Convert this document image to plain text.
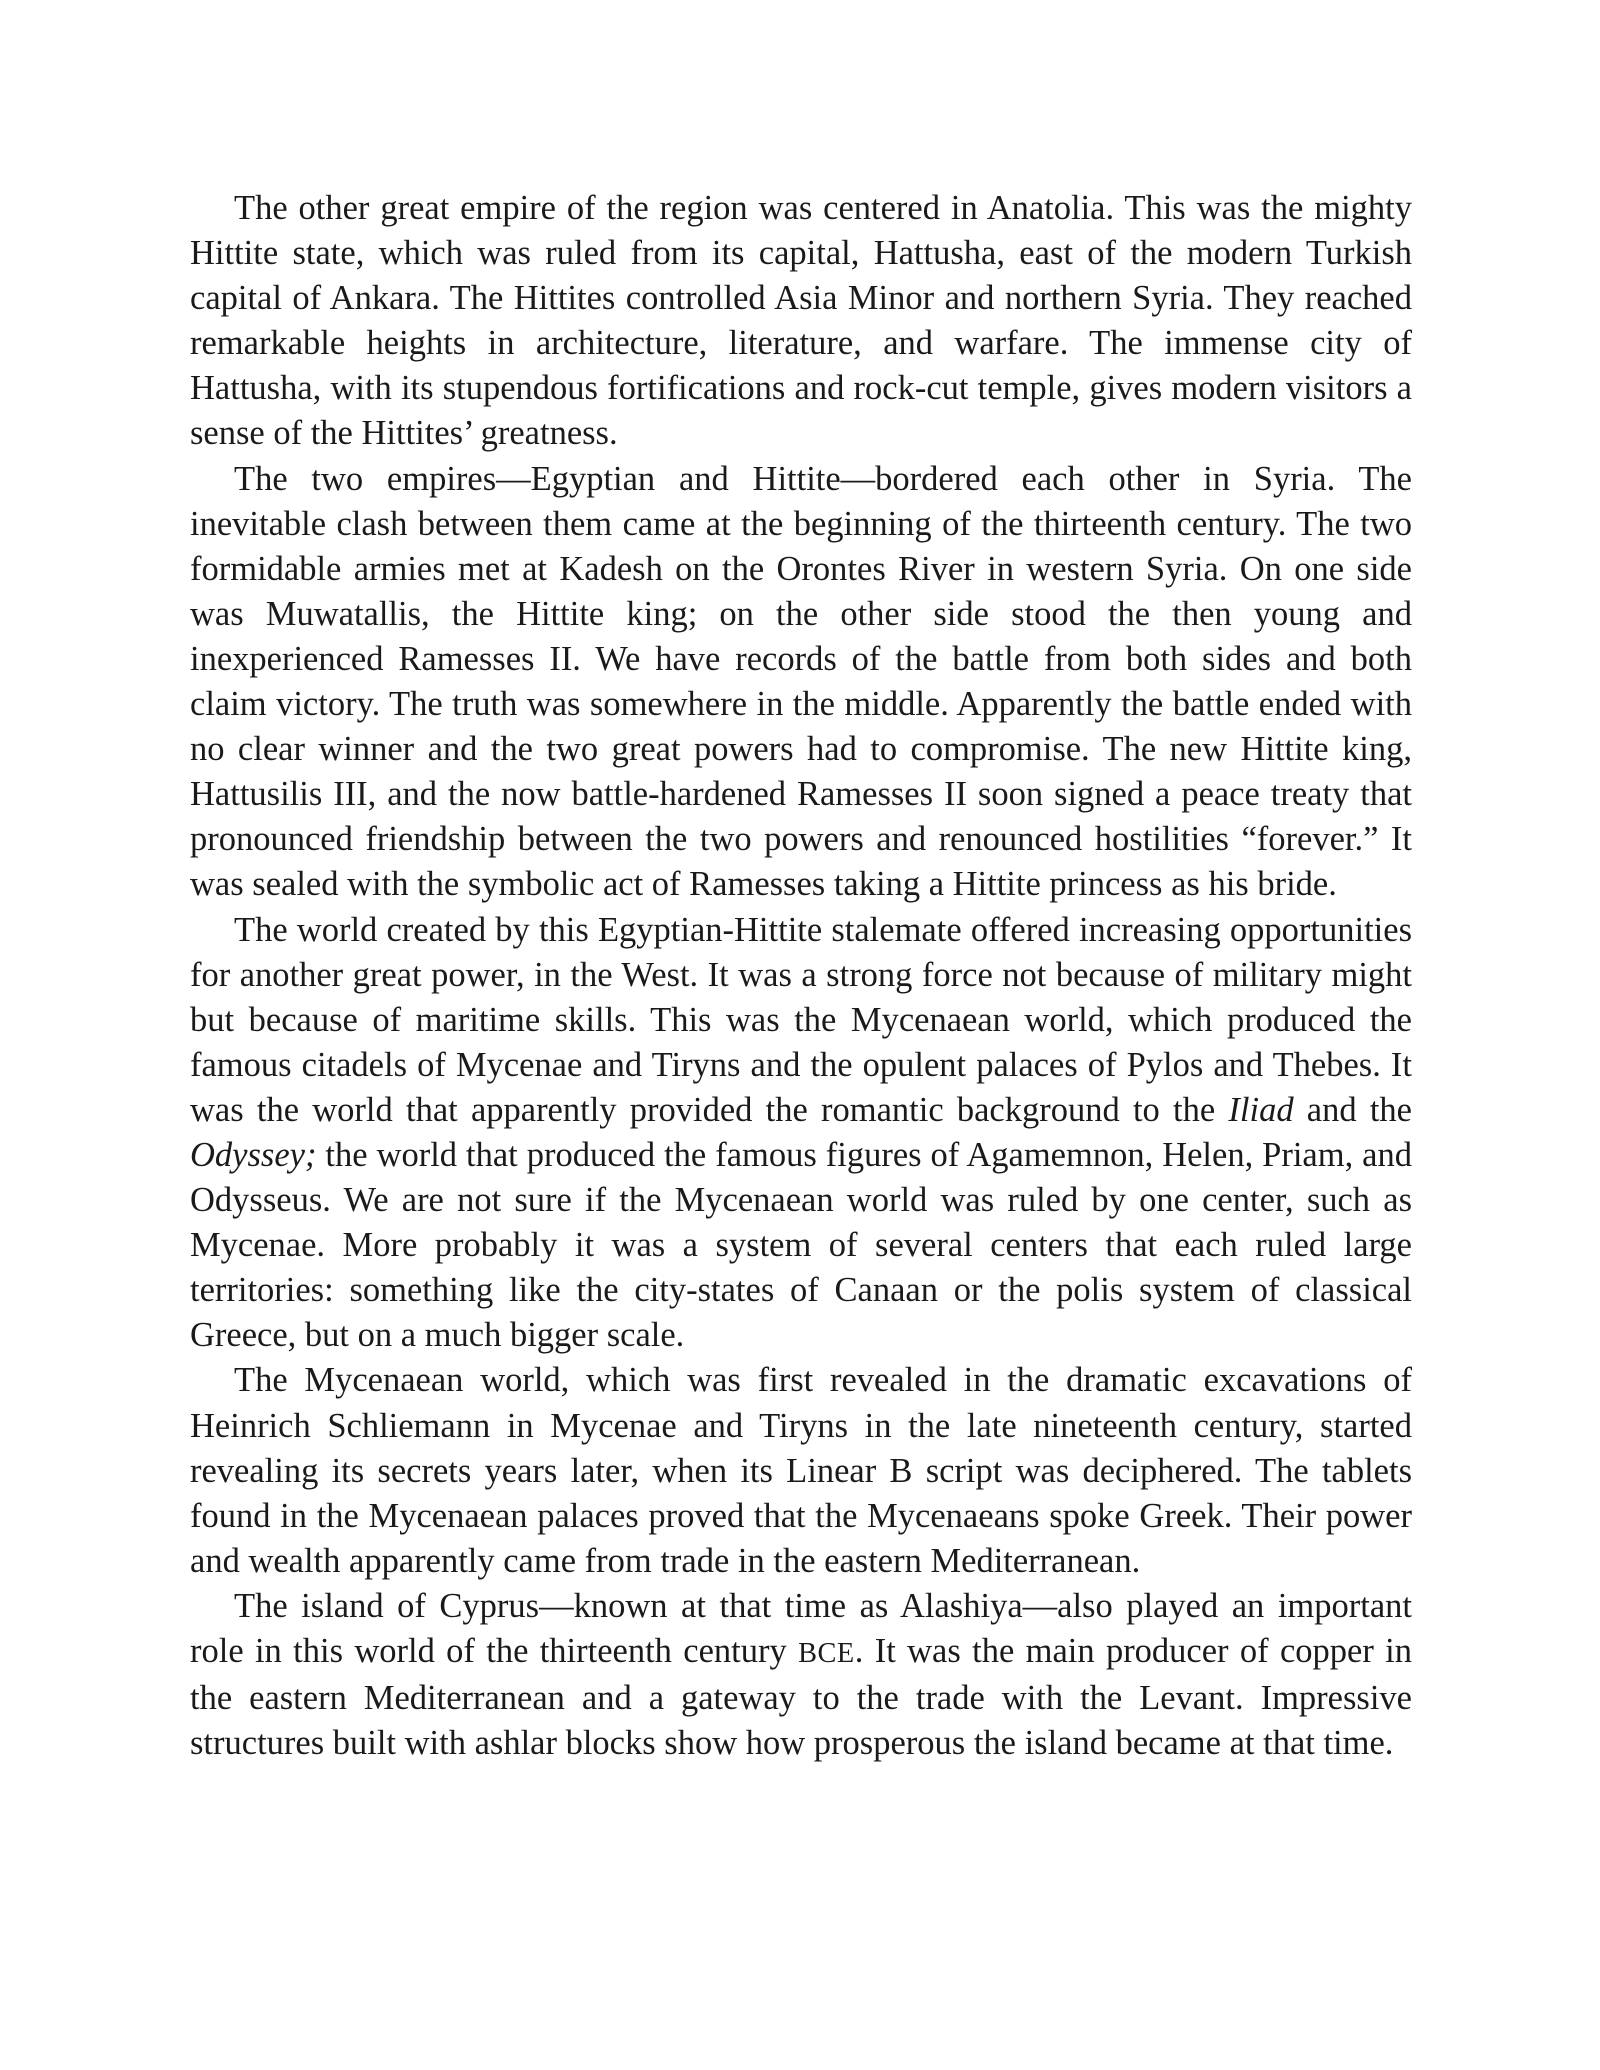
The other great empire of the region was centered in Anatolia. This was the mighty Hittite state, which was ruled from its capital, Hattusha, east of the modern Turkish capital of Ankara. The Hittites controlled Asia Minor and northern Syria. They reached remarkable heights in architecture, literature, and warfare. The immense city of Hattusha, with its stupendous fortifications and rock-cut temple, gives modern visitors a sense of the Hittites’ greatness.

The two empires—Egyptian and Hittite—bordered each other in Syria. The inevitable clash between them came at the beginning of the thirteenth century. The two formidable armies met at Kadesh on the Orontes River in western Syria. On one side was Muwatallis, the Hittite king; on the other side stood the then young and inexperienced Ramesses II. We have records of the battle from both sides and both claim victory. The truth was somewhere in the middle. Apparently the battle ended with no clear winner and the two great powers had to compromise. The new Hittite king, Hattusilis III, and the now battle-hardened Ramesses II soon signed a peace treaty that pronounced friendship between the two powers and renounced hostilities “forever.” It was sealed with the symbolic act of Ramesses taking a Hittite princess as his bride.

The world created by this Egyptian-Hittite stalemate offered increasing opportunities for another great power, in the West. It was a strong force not because of military might but because of maritime skills. This was the Mycenaean world, which produced the famous citadels of Mycenae and Tiryns and the opulent palaces of Pylos and Thebes. It was the world that apparently provided the romantic background to the Iliad and the Odyssey; the world that produced the famous figures of Agamemnon, Helen, Priam, and Odysseus. We are not sure if the Mycenaean world was ruled by one center, such as Mycenae. More probably it was a system of several centers that each ruled large territories: something like the city-states of Canaan or the polis system of classical Greece, but on a much bigger scale.

The Mycenaean world, which was first revealed in the dramatic excavations of Heinrich Schliemann in Mycenae and Tiryns in the late nineteenth century, started revealing its secrets years later, when its Linear B script was deciphered. The tablets found in the Mycenaean palaces proved that the Mycenaeans spoke Greek. Their power and wealth apparently came from trade in the eastern Mediterranean.

The island of Cyprus—known at that time as Alashiya—also played an important role in this world of the thirteenth century BCE. It was the main producer of copper in the eastern Mediterranean and a gateway to the trade with the Levant. Impressive structures built with ashlar blocks show how prosperous the island became at that time.
